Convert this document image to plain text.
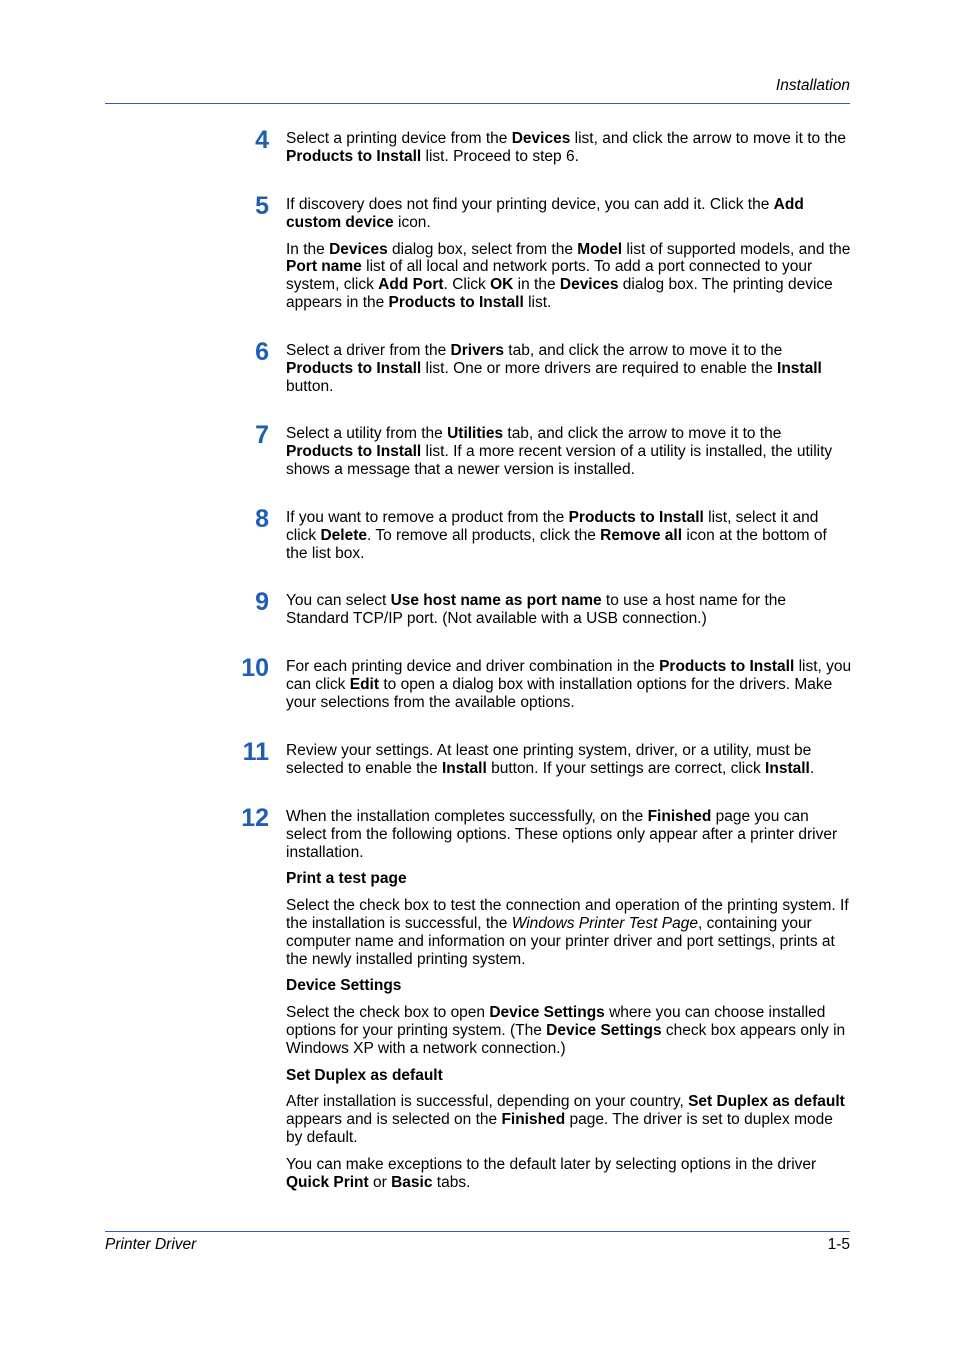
Installation
4 Select a printing device from the Devices list, and click the arrow to move it to the Products to Install list. Proceed to step 6.

5 If discovery does not find your printing device, you can add it. Click the Add custom device icon.

In the Devices dialog box, select from the Model list of supported models, and the Port name list of all local and network ports. To add a port connected to your system, click Add Port. Click OK in the Devices dialog box. The printing device appears in the Products to Install list.

6 Select a driver from the Drivers tab, and click the arrow to move it to the Products to Install list. One or more drivers are required to enable the Install button.

7 Select a utility from the Utilities tab, and click the arrow to move it to the Products to Install list. If a more recent version of a utility is installed, the utility shows a message that a newer version is installed.

8 If you want to remove a product from the Products to Install list, select it and click Delete. To remove all products, click the Remove all icon at the bottom of the list box.

9 You can select Use host name as port name to use a host name for the Standard TCP/IP port. (Not available with a USB connection.)

10 For each printing device and driver combination in the Products to Install list, you can click Edit to open a dialog box with installation options for the drivers. Make your selections from the available options.

11 Review your settings. At least one printing system, driver, or a utility, must be selected to enable the Install button. If your settings are correct, click Install.

12 When the installation completes successfully, on the Finished page you can select from the following options. These options only appear after a printer driver installation.

Print a test page

Select the check box to test the connection and operation of the printing system. If the installation is successful, the Windows Printer Test Page, containing your computer name and information on your printer driver and port settings, prints at the newly installed printing system.

Device Settings

Select the check box to open Device Settings where you can choose installed options for your printing system. (The Device Settings check box appears only in Windows XP with a network connection.)

Set Duplex as default

After installation is successful, depending on your country, Set Duplex as default appears and is selected on the Finished page. The driver is set to duplex mode by default.

You can make exceptions to the default later by selecting options in the driver Quick Print or Basic tabs.

Printer Driver	1-5
